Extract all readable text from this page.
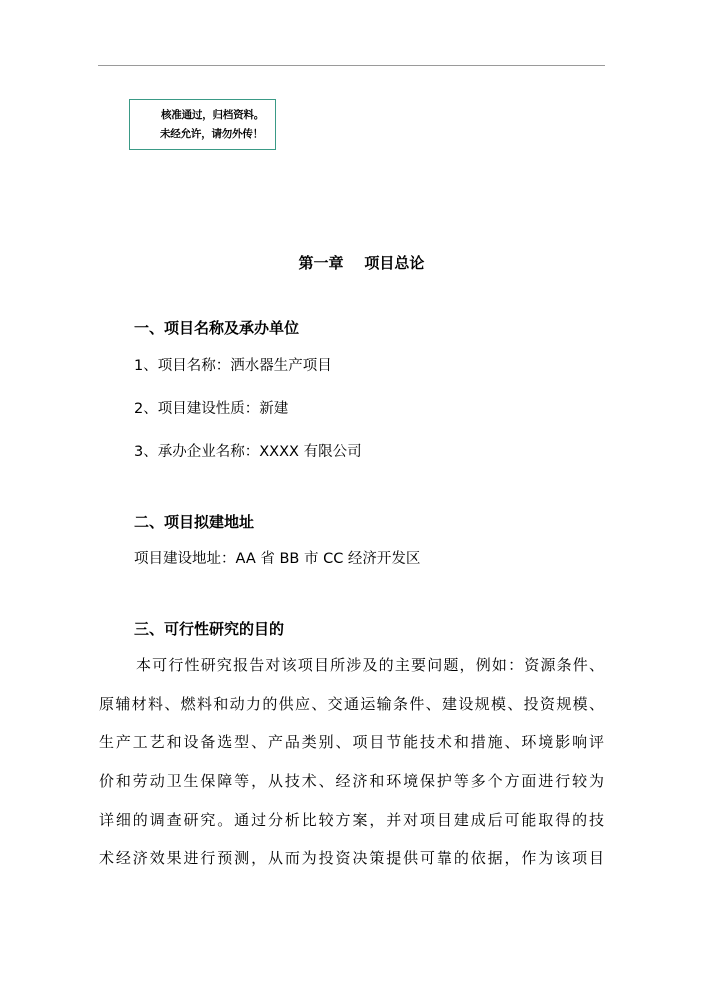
核准通过，归档资料。
未经允许，请勿外传！
第一章    项目总论
一、项目名称及承办单位
1、项目名称：洒水器生产项目
2、项目建设性质：新建
3、承办企业名称：XXXX 有限公司
二、项目拟建地址
项目建设地址：AA 省 BB 市 CC 经济开发区
三、可行性研究的目的
本可行性研究报告对该项目所涉及的主要问题，例如：资源条件、
原辅材料、燃料和动力的供应、交通运输条件、建设规模、投资规模、
生产工艺和设备选型、产品类别、项目节能技术和措施、环境影响评
价和劳动卫生保障等，从技术、经济和环境保护等多个方面进行较为
详细的调查研究。通过分析比较方案，并对项目建成后可能取得的技
术经济效果进行预测，从而为投资决策提供可靠的依据，作为该项目
